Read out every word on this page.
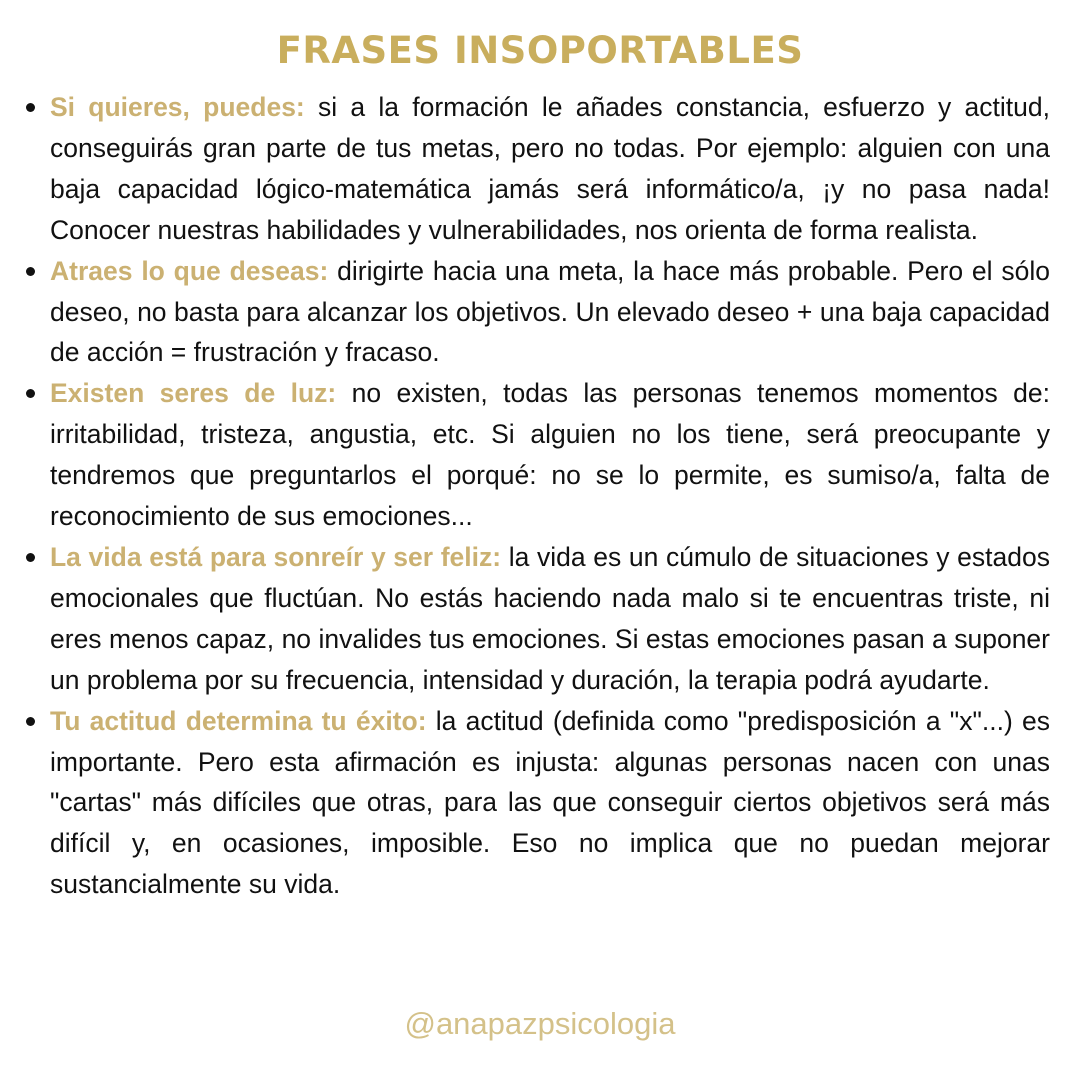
FRASES INSOPORTABLES
Si quieres, puedes: si a la formación le añades constancia, esfuerzo y actitud, conseguirás gran parte de tus metas, pero no todas. Por ejemplo: alguien con una baja capacidad lógico-matemática jamás será informático/a, ¡y no pasa nada! Conocer nuestras habilidades y vulnerabilidades, nos orienta de forma realista.
Atraes lo que deseas: dirigirte hacia una meta, la hace más probable. Pero el sólo deseo, no basta para alcanzar los objetivos. Un elevado deseo + una baja capacidad de acción = frustración y fracaso.
Existen seres de luz: no existen, todas las personas tenemos momentos de: irritabilidad, tristeza, angustia, etc. Si alguien no los tiene, será preocupante y tendremos que preguntarlos el porqué: no se lo permite, es sumiso/a, falta de reconocimiento de sus emociones...
La vida está para sonreír y ser feliz: la vida es un cúmulo de situaciones y estados emocionales que fluctúan. No estás haciendo nada malo si te encuentras triste, ni eres menos capaz, no invalides tus emociones. Si estas emociones pasan a suponer un problema por su frecuencia, intensidad y duración, la terapia podrá ayudarte.
Tu actitud determina tu éxito: la actitud (definida como "predisposición a "x"...) es importante. Pero esta afirmación es injusta: algunas personas nacen con unas "cartas" más difíciles que otras, para las que conseguir ciertos objetivos será más difícil y, en ocasiones, imposible. Eso no implica que no puedan mejorar sustancialmente su vida.
@anapazpsicologia
